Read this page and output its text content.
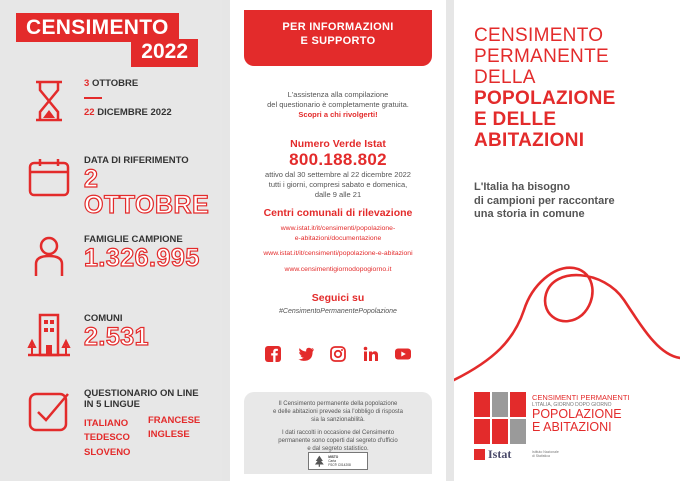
CENSIMENTO
2022
3 OTTOBRE
22 DICEMBRE 2022
DATA DI RIFERIMENTO
2 OTTOBRE
FAMIGLIE CAMPIONE
1.326.995
COMUNI
2.531
QUESTIONARIO ON LINE
IN 5 LINGUE
ITALIANO FRANCESE
TEDESCO INGLESE
SLOVENO
PER INFORMAZIONI
E SUPPORTO
L'assistenza alla compilazione
del questionario è completamente gratuita.
Scopri a chi rivolgerti!
Numero Verde Istat
800.188.802
attivo dal 30 settembre al 22 dicembre 2022
tutti i giorni, compresi sabato e domenica,
dalle 9 alle 21
Centri comunali di rilevazione
www.istat.it/it/censimenti/popolazione-
e-abitazioni/documentazione
www.istat.it/it/censimenti/popolazione-e-abitazioni
www.censimentigiornodopogiorno.it
Seguici su
#CensimentoPermanentePopolazione

Il Censimento permanente della popolazione
e delle abitazioni prevede sia l'obbligo di risposta
sia la sanzionabilità.

I dati raccolti in occasione del Censimento
permanente sono coperti dal segreto d'ufficio
e dal segreto statistico.

MISTO
Carta
FSC® C014208
CENSIMENTO
PERMANENTE
DELLA
POPOLAZIONE
E DELLE
ABITAZIONI
L'Italia ha bisogno
di campioni per raccontare
una storia in comune
CENSIMENTI PERMANENTI
L'ITALIA, GIORNO DOPO GIORNO
POPOLAZIONE
E ABITAZIONI
Istat	Istituto Nazionale di Statistica
